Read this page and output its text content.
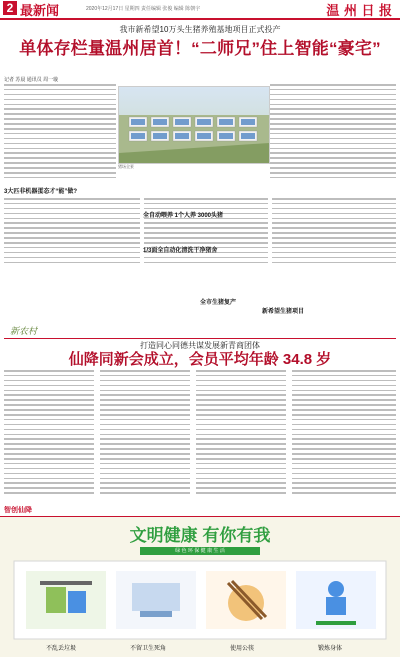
2 最新闻	2020年12月17日 星期四 责任编辑 张俊 编辑 陈朝宇	温 州 日 报
我市新希望10万头生猪养殖基地项目正式投产
单体存栏量温州居首！“二师兄”住上智能“豪宅”
记者 苏晨 通讯员 周一璇
猪场全景
3大匹非机器蛋态才“能”做?
全自动喂养 1个人养 3000头猪
1/3面全自动化清洗干净猪舍
全市生猪复产
新希望生猪项目
新农村
打造同心同德共谋发展新青商团体
仙降同新会成立，会员平均年龄 34.8 岁
智创仙降
文明健康 有你有我
绿 色 环 保 健 康 生 活
不乱丢垃圾	不留卫生死角	使用公筷	锻炼身体
